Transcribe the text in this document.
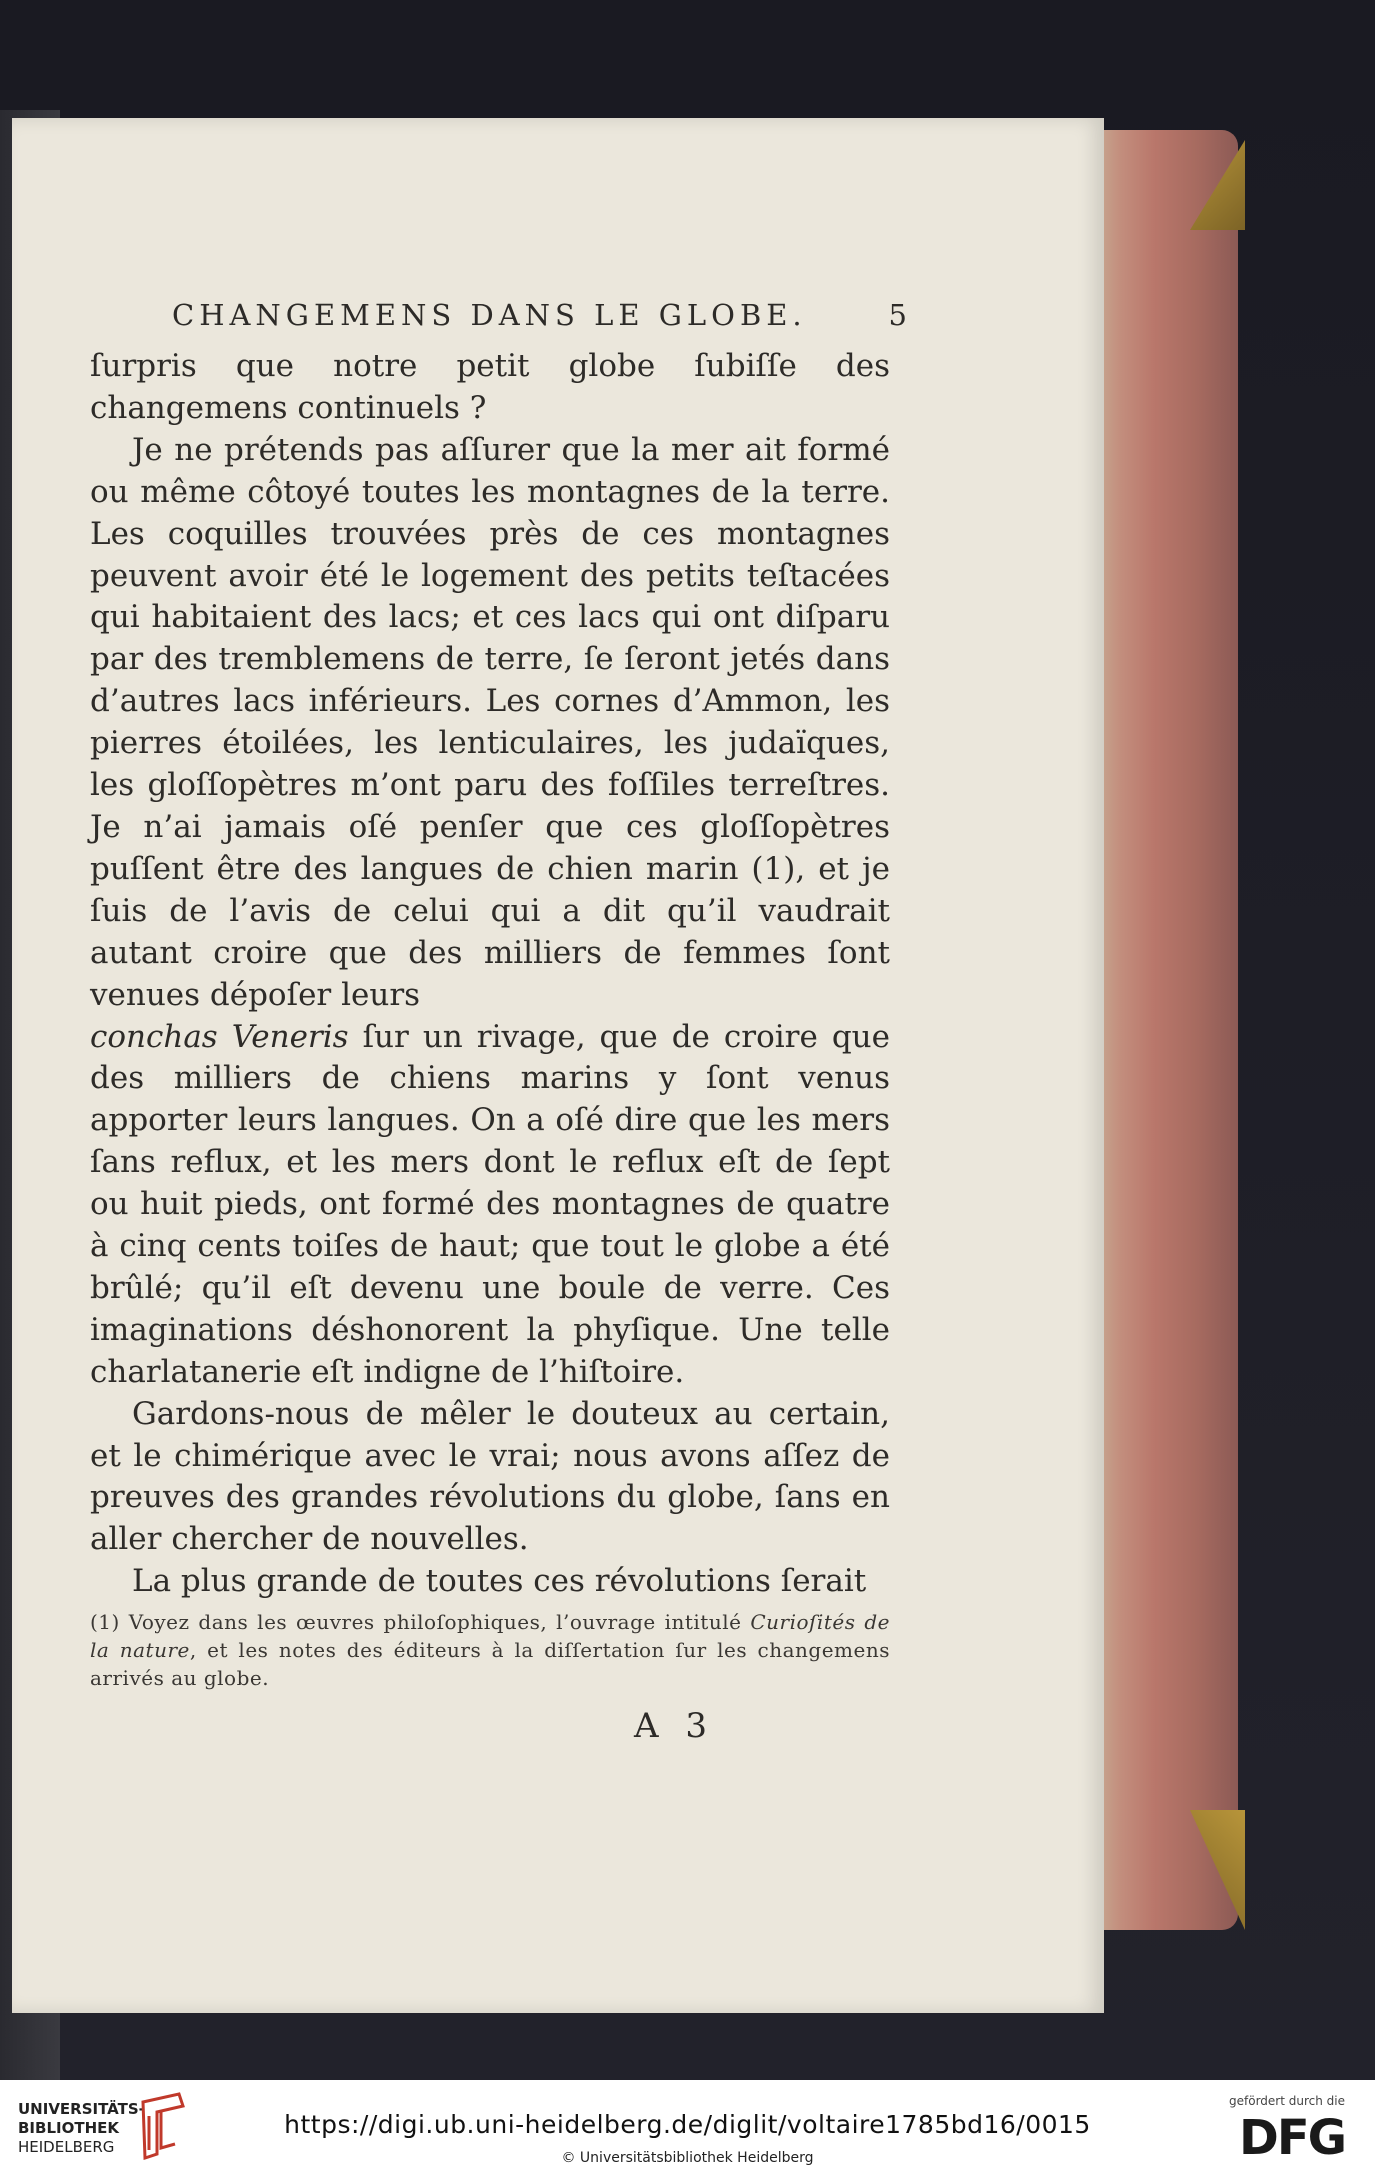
CHANGEMENS DANS LE GLOBE.	5

ſurpris que notre petit globe ſubiſſe des changemens continuels ?

Je ne prétends pas aſſurer que la mer ait formé ou même côtoyé toutes les montagnes de la terre. Les coquilles trouvées près de ces montagnes peuvent avoir été le logement des petits teſtacées qui habitaient des lacs; et ces lacs qui ont diſparu par des tremblemens de terre, ſe ſeront jetés dans d’autres lacs inférieurs. Les cornes d’Ammon, les pierres étoilées, les lenticulaires, les judaïques, les gloſſopètres m’ont paru des foſſiles terreſtres. Je n’ai jamais oſé penſer que ces gloſſopètres puſſent être des langues de chien marin (1), et je ſuis de l’avis de celui qui a dit qu’il vaudrait autant croire que des milliers de femmes ſont venues dépoſer leurs

conchas Veneris ſur un rivage, que de croire que des milliers de chiens marins y ſont venus apporter leurs langues. On a oſé dire que les mers ſans reflux, et les mers dont le reflux eſt de ſept ou huit pieds, ont formé des montagnes de quatre à cinq cents toiſes de haut; que tout le globe a été brûlé; qu’il eſt devenu une boule de verre. Ces imaginations déshonorent la phyſique. Une telle charlatanerie eſt indigne de l’hiſtoire.

Gardons-nous de mêler le douteux au certain, et le chimérique avec le vrai; nous avons aſſez de preuves des grandes révolutions du globe, ſans en aller chercher de nouvelles.

La plus grande de toutes ces révolutions ſerait

(1) Voyez dans les œuvres philoſophiques, l’ouvrage intitulé Curioſités de la nature, et les notes des éditeurs à la diſſertation ſur les changemens arrivés au globe.
A 3
UNIVERSITÄTS-
BIBLIOTHEK
HEIDELBERG
https://digi.ub.uni-heidelberg.de/diglit/voltaire1785bd16/0015
© Universitätsbibliothek Heidelberg
gefördert durch die
DFG
